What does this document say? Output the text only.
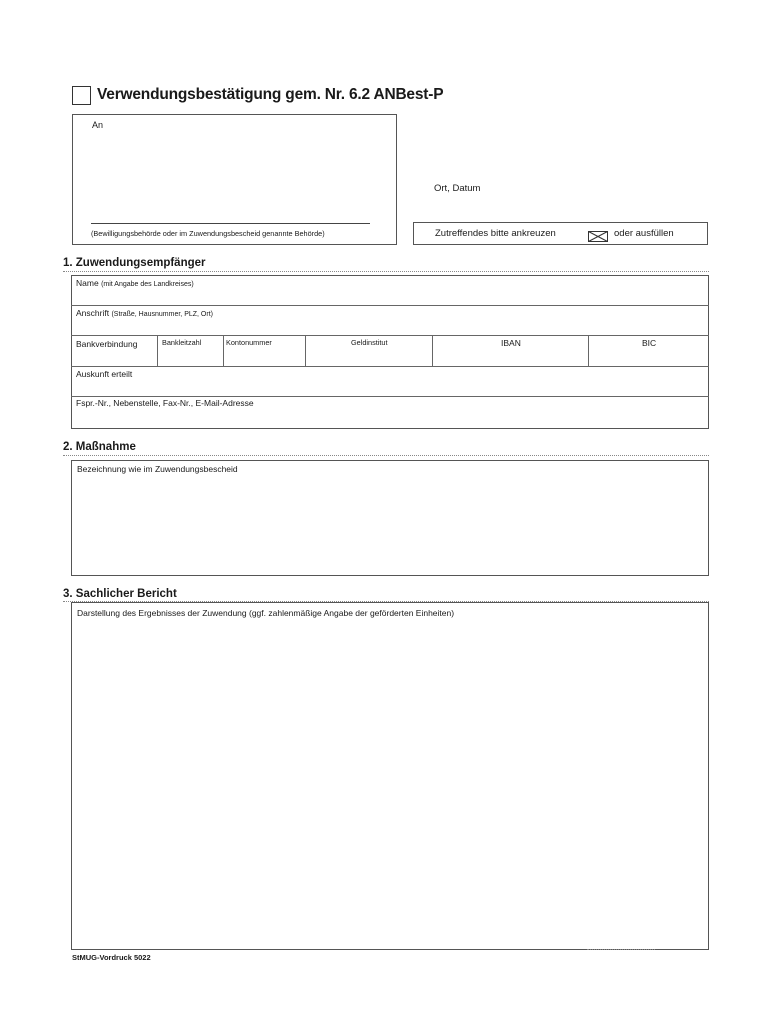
Verwendungsbestätigung gem. Nr. 6.2 ANBest-P
An
(Bewilligungsbehörde oder im Zuwendungsbescheid genannte Behörde)
Ort, Datum
Zutreffendes bitte ankreuzen	oder ausfüllen
1. Zuwendungsempfänger
Name (mit Angabe des Landkreises)
Anschrift (Straße, Hausnummer, PLZ, Ort)
Bankverbindung	Bankleitzahl	Kontonummer	Geldinstitut	IBAN	BIC
Auskunft erteilt
Fspr.-Nr., Nebenstelle, Fax-Nr., E-Mail-Adresse
2. Maßnahme
Bezeichnung wie im Zuwendungsbescheid
3. Sachlicher Bericht
Darstellung des Ergebnisses der Zuwendung (ggf. zahlenmäßige Angabe der geförderten Einheiten)
StMUG-Vordruck 5022
